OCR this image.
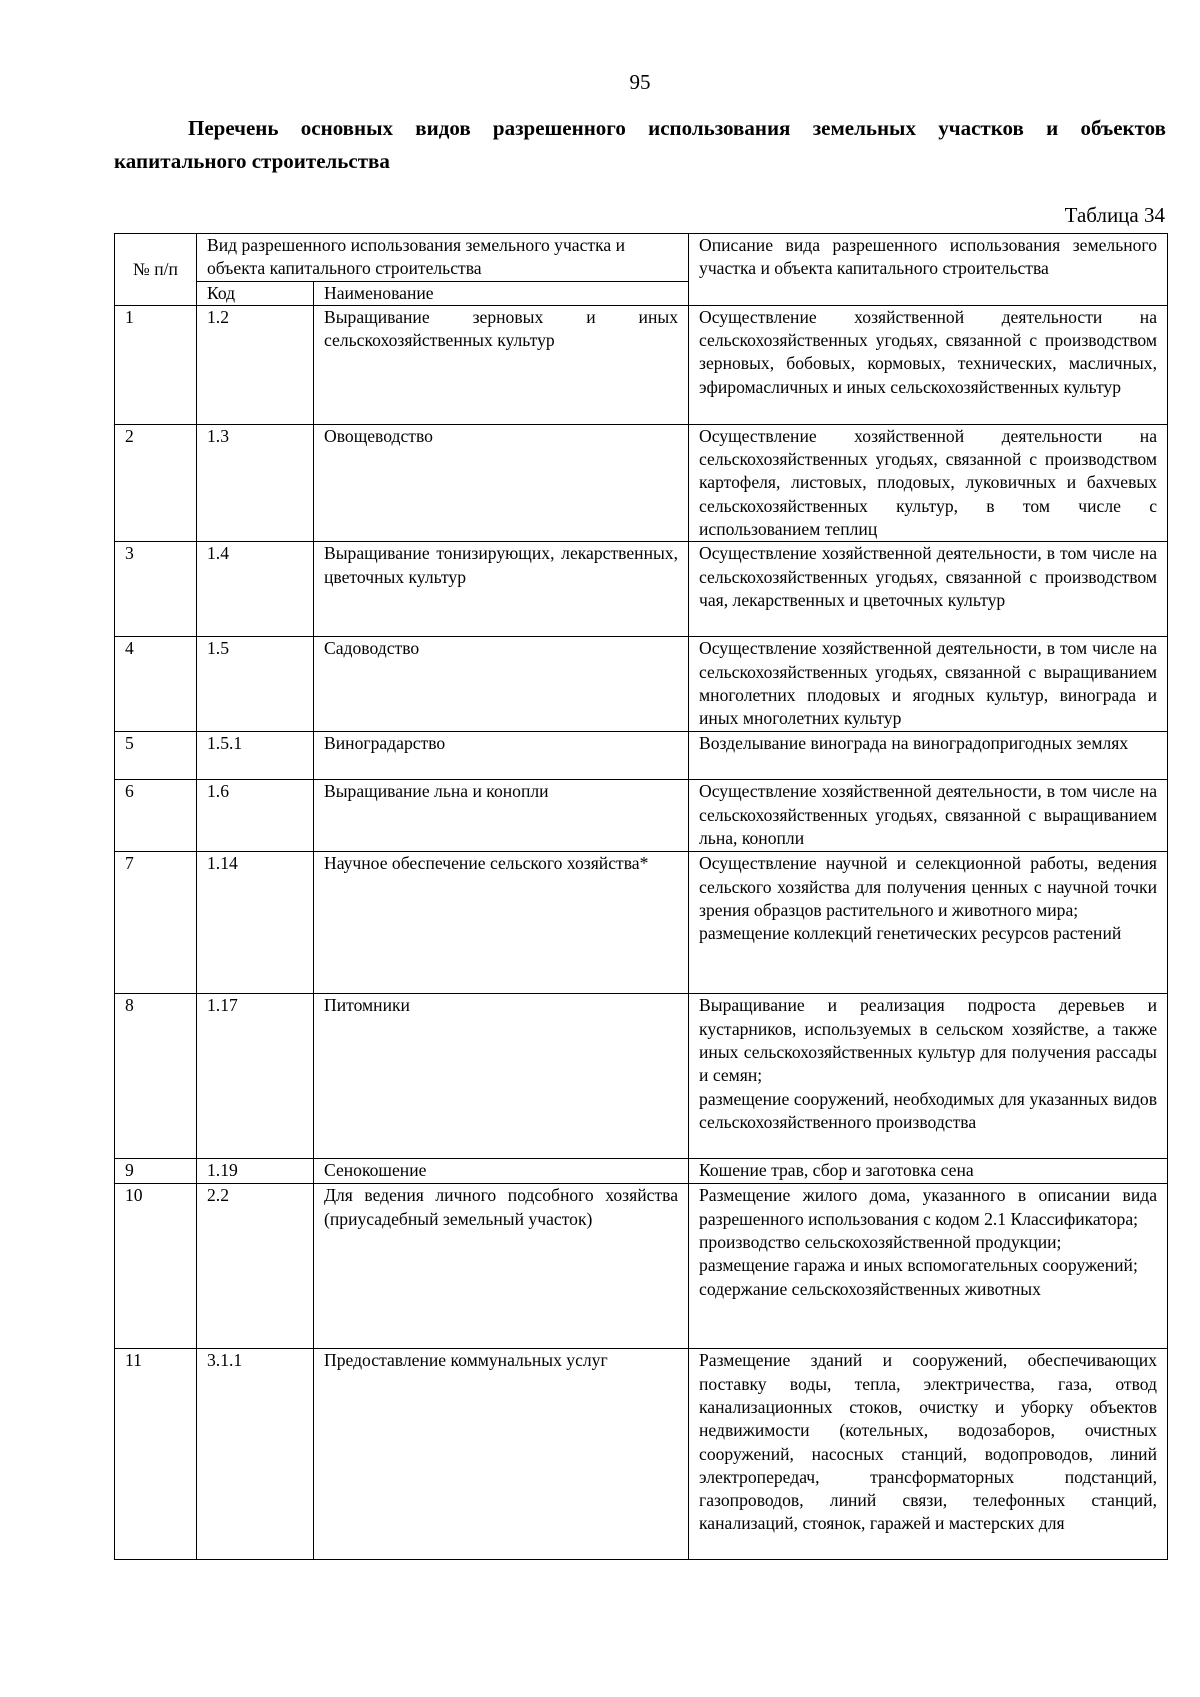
95
Перечень основных видов разрешенного использования земельных участков и объектов капитального строительства
Таблица 34
№ п/п	Вид разрешенного использования земельного участка и объекта капитального строительства		Описание вида разрешенного использования земельного участка и объекта капитального строительства
	Код	Наименование	
1	1.2	Выращивание зерновых и иных сельскохозяйственных культур	Осуществление хозяйственной деятельности на сельскохозяйственных угодьях, связанной с производством зерновых, бобовых, кормовых, технических, масличных, эфиромасличных и иных сельскохозяйственных культур

2	1.3	Овощеводство	Осуществление хозяйственной деятельности на сельскохозяйственных угодьях, связанной с производством картофеля, листовых, плодовых, луковичных и бахчевых сельскохозяйственных культур, в том числе с использованием теплиц

3	1.4	Выращивание тонизирующих, лекарственных, цветочных культур	Осуществление хозяйственной деятельности, в том числе на сельскохозяйственных угодьях, связанной с производством чая, лекарственных и цветочных культур

4	1.5	Садоводство	Осуществление хозяйственной деятельности, в том числе на сельскохозяйственных угодьях, связанной с выращиванием многолетних плодовых и ягодных культур, винограда и иных многолетних культур

5	1.5.1	Виноградарство	Возделывание винограда на виноградопригодных землях

6	1.6	Выращивание льна и конопли	Осуществление хозяйственной деятельности, в том числе на сельскохозяйственных угодьях, связанной с выращиванием льна, конопли

7	1.14	Научное обеспечение сельского хозяйства*	Осуществление научной и селекционной работы, ведения сельского хозяйства для получения ценных с научной точки зрения образцов растительного и животного мира;
размещение коллекций генетических ресурсов растений

8	1.17	Питомники	Выращивание и реализация подроста деревьев и кустарников, используемых в сельском хозяйстве, а также иных сельскохозяйственных культур для получения рассады и семян;
размещение сооружений, необходимых для указанных видов сельскохозяйственного производства

9	1.19	Сенокошение	Кошение трав, сбор и заготовка сена

10	2.2	Для ведения личного подсобного хозяйства (приусадебный земельный участок)	Размещение жилого дома, указанного в описании вида разрешенного использования с кодом 2.1 Классификатора;
производство сельскохозяйственной продукции;
размещение гаража и иных вспомогательных сооружений;
содержание сельскохозяйственных животных

11	3.1.1	Предоставление коммунальных услуг	Размещение зданий и сооружений, обеспечивающих поставку воды, тепла, электричества, газа, отвод канализационных стоков, очистку и уборку объектов недвижимости (котельных, водозаборов, очистных сооружений, насосных станций, водопроводов, линий электропередач, трансформаторных подстанций, газопроводов, линий связи, телефонных станций, канализаций, стоянок, гаражей и мастерских для
